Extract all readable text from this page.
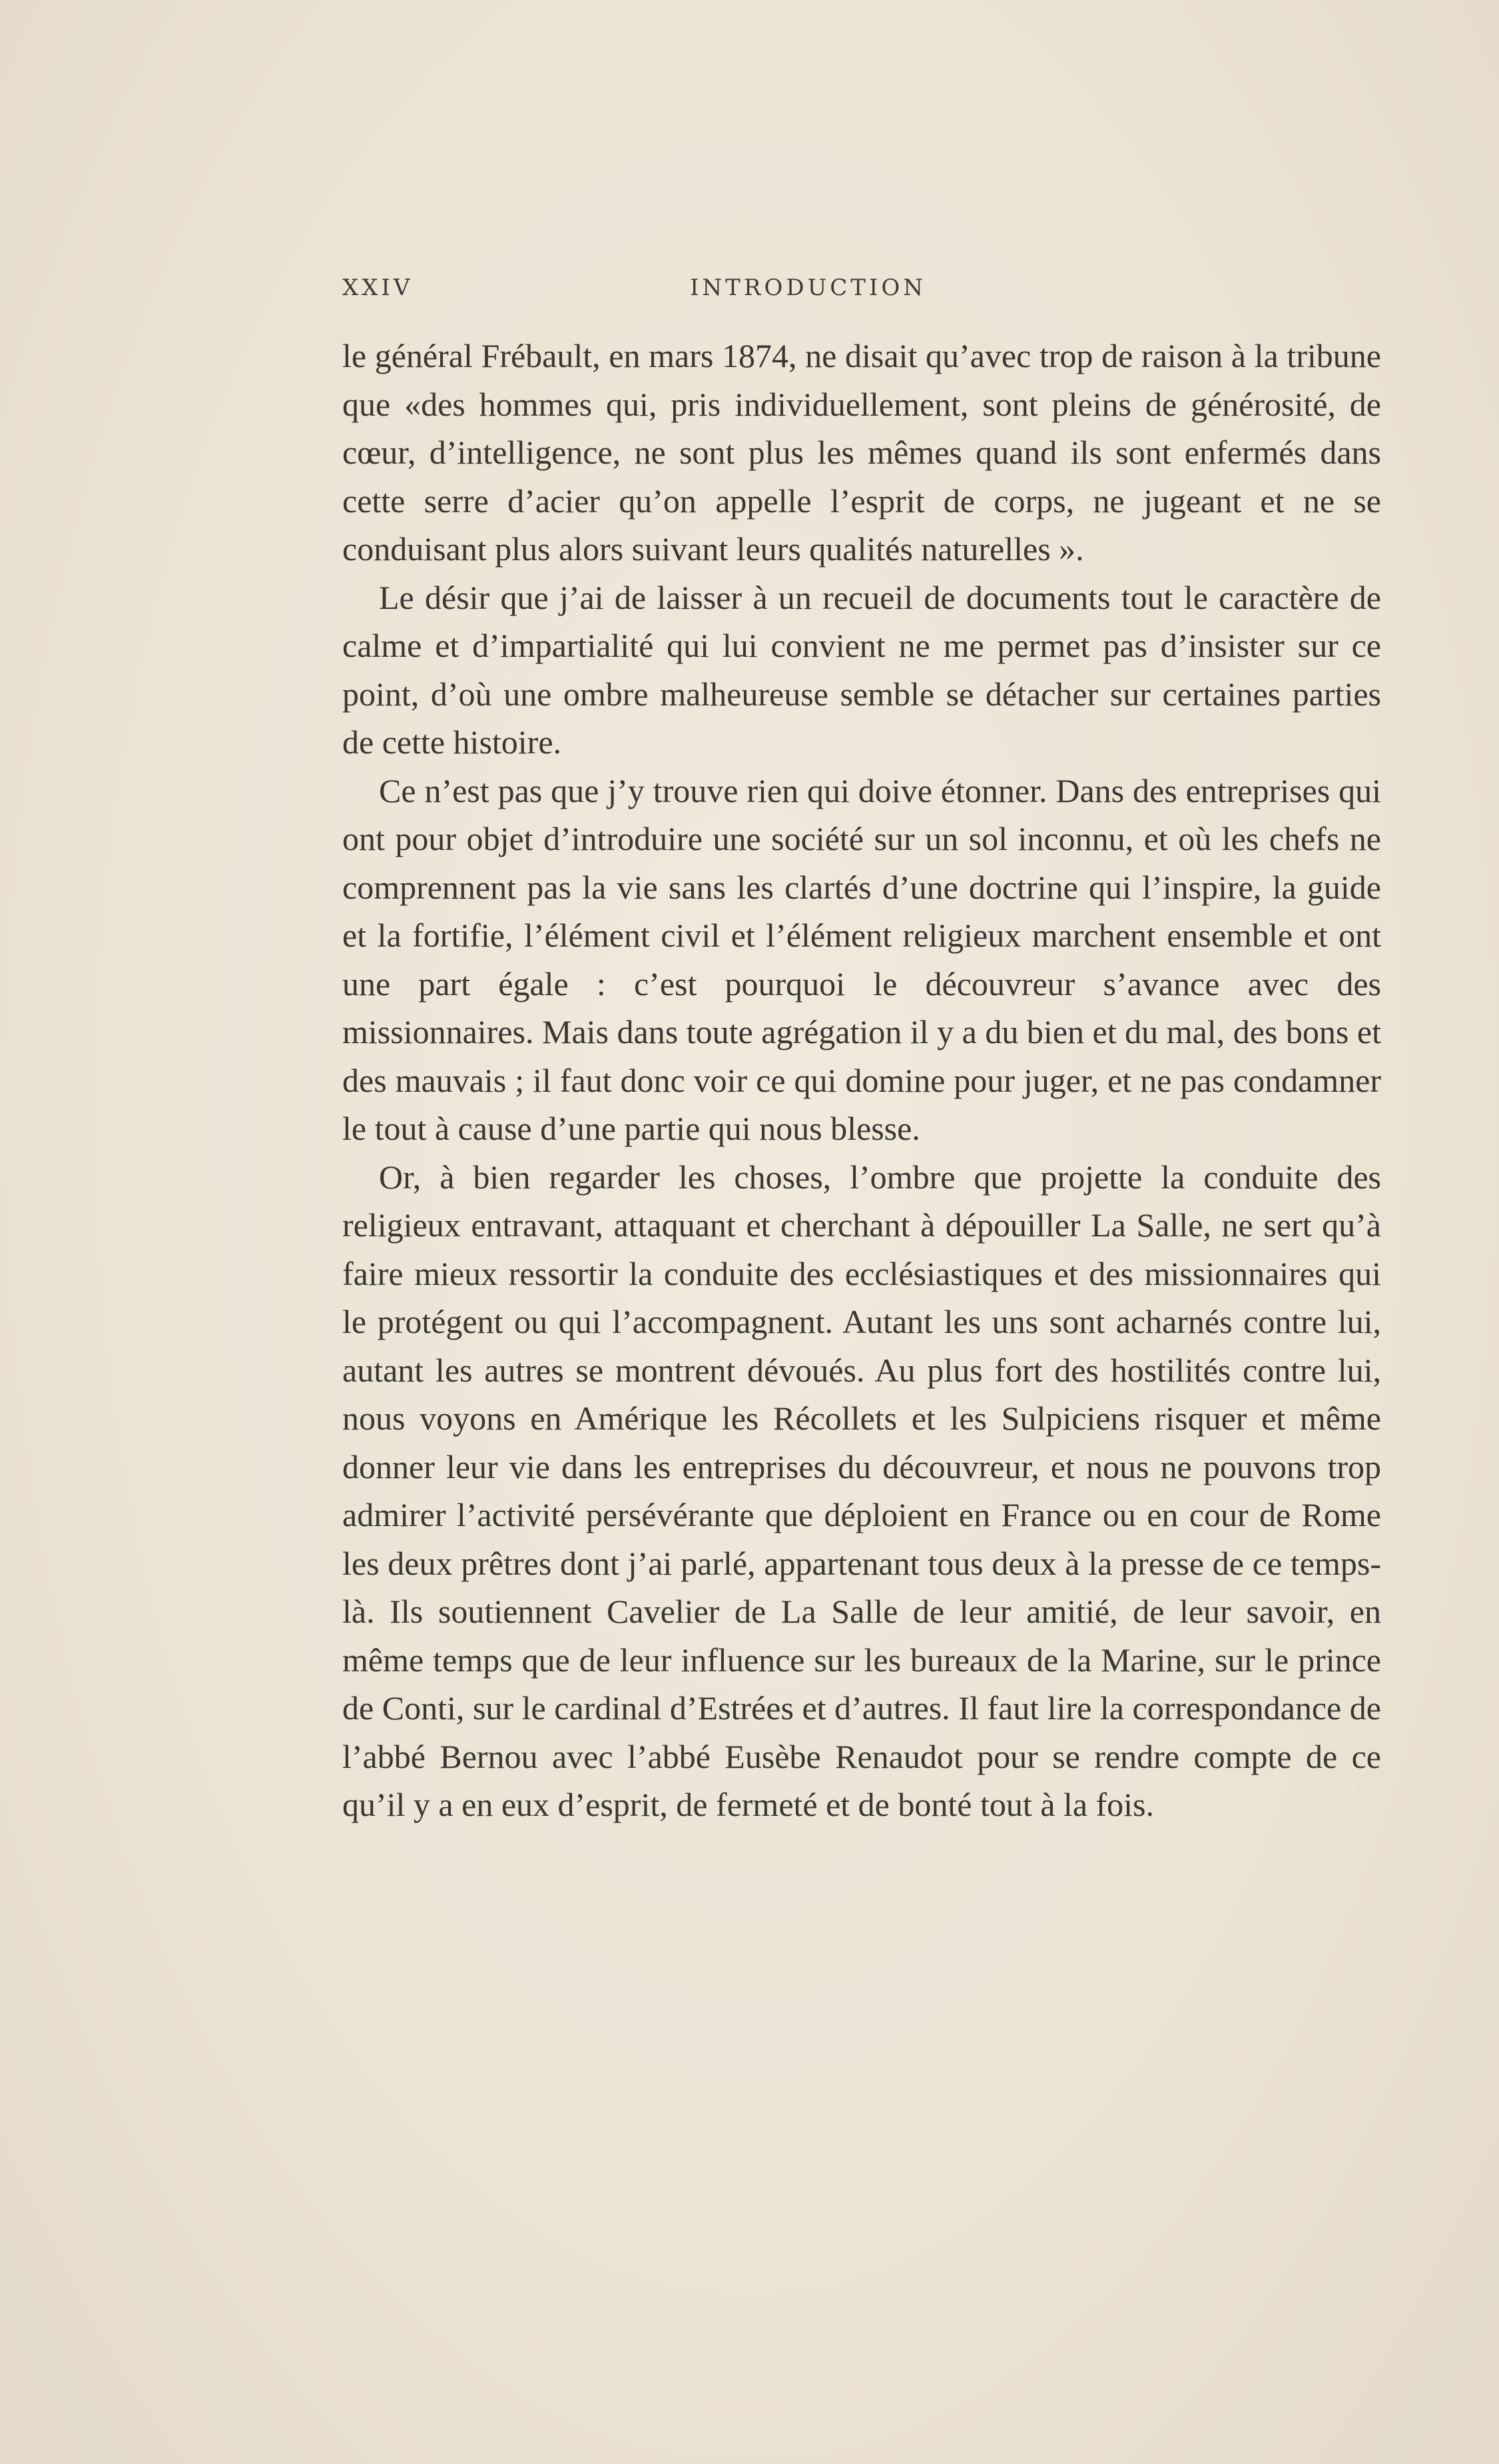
XXIV	INTRODUCTION

le général Frébault, en mars 1874, ne disait qu’avec trop de raison à la tribune que «des hommes qui, pris individuellement, sont pleins de générosité, de cœur, d’intelligence, ne sont plus les mêmes quand ils sont enfermés dans cette serre d’acier qu’on appelle l’esprit de corps, ne jugeant et ne se conduisant plus alors suivant leurs qualités naturelles ».

Le désir que j’ai de laisser à un recueil de documents tout le caractère de calme et d’impartialité qui lui convient ne me permet pas d’insister sur ce point, d’où une ombre malheureuse semble se détacher sur certaines parties de cette histoire.

Ce n’est pas que j’y trouve rien qui doive étonner. Dans des entreprises qui ont pour objet d’introduire une société sur un sol inconnu, et où les chefs ne comprennent pas la vie sans les clartés d’une doctrine qui l’inspire, la guide et la fortifie, l’élément civil et l’élément religieux marchent ensemble et ont une part égale : c’est pourquoi le découvreur s’avance avec des missionnaires. Mais dans toute agrégation il y a du bien et du mal, des bons et des mauvais ; il faut donc voir ce qui domine pour juger, et ne pas condamner le tout à cause d’une partie qui nous blesse.

Or, à bien regarder les choses, l’ombre que projette la conduite des religieux entravant, attaquant et cherchant à dépouiller La Salle, ne sert qu’à faire mieux ressortir la conduite des ecclésiastiques et des missionnaires qui le protégent ou qui l’accompagnent. Autant les uns sont acharnés contre lui, autant les autres se montrent dévoués. Au plus fort des hostilités contre lui, nous voyons en Amérique les Récollets et les Sulpiciens risquer et même donner leur vie dans les entreprises du découvreur, et nous ne pouvons trop admirer l’activité persévérante que déploient en France ou en cour de Rome les deux prêtres dont j’ai parlé, appartenant tous deux à la presse de ce temps-là. Ils soutiennent Cavelier de La Salle de leur amitié, de leur savoir, en même temps que de leur influence sur les bureaux de la Marine, sur le prince de Conti, sur le cardinal d’Estrées et d’autres. Il faut lire la correspondance de l’abbé Bernou avec l’abbé Eusèbe Renaudot pour se rendre compte de ce qu’il y a en eux d’esprit, de fermeté et de bonté tout à la fois.
